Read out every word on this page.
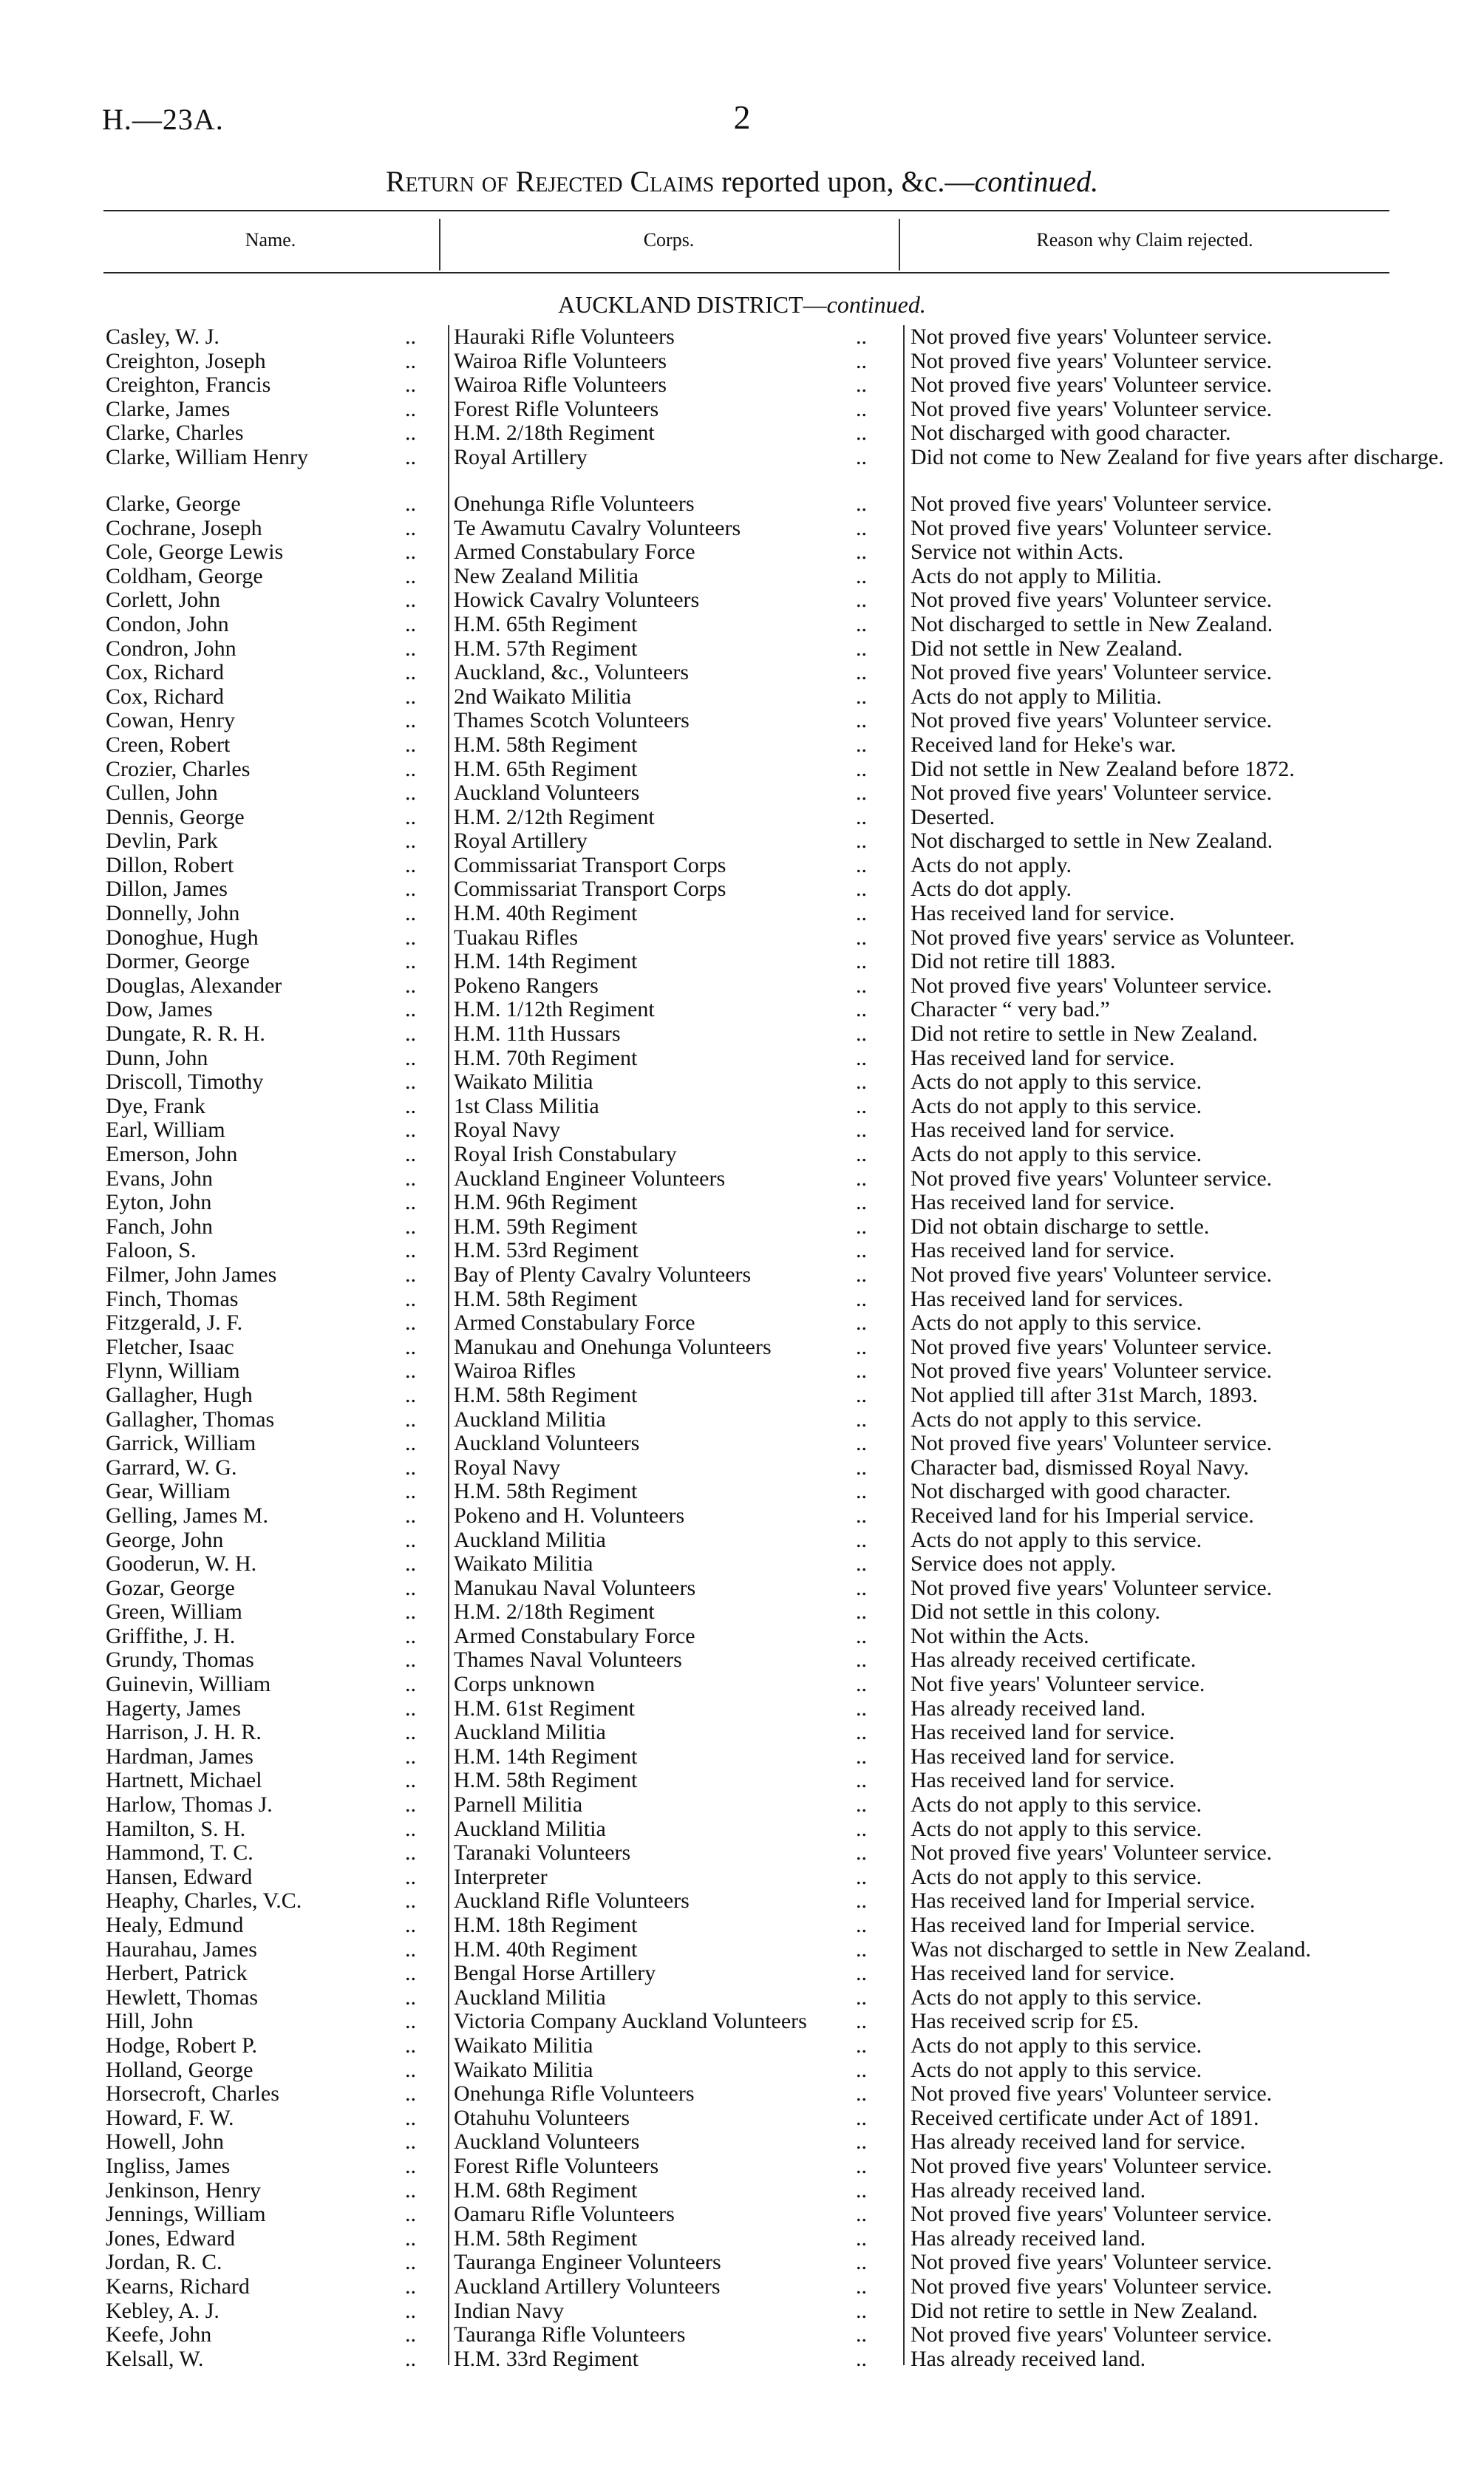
H.—23A.	2
Return of Rejected Claims reported upon, &c.—continued.
Name.	Corps.	Reason why Claim rejected.
AUCKLAND DISTRICT—continued.
Casley, W. J.	..	Hauraki Rifle Volunteers	..	Not proved five years' Volunteer service.
Creighton, Joseph	..	Wairoa Rifle Volunteers	..	Not proved five years' Volunteer service.
Creighton, Francis	..	Wairoa Rifle Volunteers	..	Not proved five years' Volunteer service.
Clarke, James	..	Forest Rifle Volunteers	..	Not proved five years' Volunteer service.
Clarke, Charles	..	H.M. 2/18th Regiment	..	Not discharged with good character.
Clarke, William Henry	..	Royal Artillery	..	Did not come to New Zealand for five years after discharge.
Clarke, George	..	Onehunga Rifle Volunteers	..	Not proved five years' Volunteer service.
Cochrane, Joseph	..	Te Awamutu Cavalry Volunteers	..	Not proved five years' Volunteer service.
Cole, George Lewis	..	Armed Constabulary Force	..	Service not within Acts.
Coldham, George	..	New Zealand Militia	..	Acts do not apply to Militia.
Corlett, John	..	Howick Cavalry Volunteers	..	Not proved five years' Volunteer service.
Condon, John	..	H.M. 65th Regiment	..	Not discharged to settle in New Zealand.
Condron, John	..	H.M. 57th Regiment	..	Did not settle in New Zealand.
Cox, Richard	..	Auckland, &c., Volunteers	..	Not proved five years' Volunteer service.
Cox, Richard	..	2nd Waikato Militia	..	Acts do not apply to Militia.
Cowan, Henry	..	Thames Scotch Volunteers	..	Not proved five years' Volunteer service.
Creen, Robert	..	H.M. 58th Regiment	..	Received land for Heke's war.
Crozier, Charles	..	H.M. 65th Regiment	..	Did not settle in New Zealand before 1872.
Cullen, John	..	Auckland Volunteers	..	Not proved five years' Volunteer service.
Dennis, George	..	H.M. 2/12th Regiment	..	Deserted.
Devlin, Park	..	Royal Artillery	..	Not discharged to settle in New Zealand.
Dillon, Robert	..	Commissariat Transport Corps	..	Acts do not apply.
Dillon, James	..	Commissariat Transport Corps	..	Acts do dot apply.
Donnelly, John	..	H.M. 40th Regiment	..	Has received land for service.
Donoghue, Hugh	..	Tuakau Rifles	..	Not proved five years' service as Volunteer.
Dormer, George	..	H.M. 14th Regiment	..	Did not retire till 1883.
Douglas, Alexander	..	Pokeno Rangers	..	Not proved five years' Volunteer service.
Dow, James	..	H.M. 1/12th Regiment	..	Character “ very bad.”
Dungate, R. R. H.	..	H.M. 11th Hussars	..	Did not retire to settle in New Zealand.
Dunn, John	..	H.M. 70th Regiment	..	Has received land for service.
Driscoll, Timothy	..	Waikato Militia	..	Acts do not apply to this service.
Dye, Frank	..	1st Class Militia	..	Acts do not apply to this service.
Earl, William	..	Royal Navy	..	Has received land for service.
Emerson, John	..	Royal Irish Constabulary	..	Acts do not apply to this service.
Evans, John	..	Auckland Engineer Volunteers	..	Not proved five years' Volunteer service.
Eyton, John	..	H.M. 96th Regiment	..	Has received land for service.
Fanch, John	..	H.M. 59th Regiment	..	Did not obtain discharge to settle.
Faloon, S.	..	H.M. 53rd Regiment	..	Has received land for service.
Filmer, John James	..	Bay of Plenty Cavalry Volunteers	..	Not proved five years' Volunteer service.
Finch, Thomas	..	H.M. 58th Regiment	..	Has received land for services.
Fitzgerald, J. F.	..	Armed Constabulary Force	..	Acts do not apply to this service.
Fletcher, Isaac	..	Manukau and Onehunga Volunteers	..	Not proved five years' Volunteer service.
Flynn, William	..	Wairoa Rifles	..	Not proved five years' Volunteer service.
Gallagher, Hugh	..	H.M. 58th Regiment	..	Not applied till after 31st March, 1893.
Gallagher, Thomas	..	Auckland Militia	..	Acts do not apply to this service.
Garrick, William	..	Auckland Volunteers	..	Not proved five years' Volunteer service.
Garrard, W. G.	..	Royal Navy	..	Character bad, dismissed Royal Navy.
Gear, William	..	H.M. 58th Regiment	..	Not discharged with good character.
Gelling, James M.	..	Pokeno and H. Volunteers	..	Received land for his Imperial service.
George, John	..	Auckland Militia	..	Acts do not apply to this service.
Gooderun, W. H.	..	Waikato Militia	..	Service does not apply.
Gozar, George	..	Manukau Naval Volunteers	..	Not proved five years' Volunteer service.
Green, William	..	H.M. 2/18th Regiment	..	Did not settle in this colony.
Griffithe, J. H.	..	Armed Constabulary Force	..	Not within the Acts.
Grundy, Thomas	..	Thames Naval Volunteers	..	Has already received certificate.
Guinevin, William	..	Corps unknown	..	Not five years' Volunteer service.
Hagerty, James	..	H.M. 61st Regiment	..	Has already received land.
Harrison, J. H. R.	..	Auckland Militia	..	Has received land for service.
Hardman, James	..	H.M. 14th Regiment	..	Has received land for service.
Hartnett, Michael	..	H.M. 58th Regiment	..	Has received land for service.
Harlow, Thomas J.	..	Parnell Militia	..	Acts do not apply to this service.
Hamilton, S. H.	..	Auckland Militia	..	Acts do not apply to this service.
Hammond, T. C.	..	Taranaki Volunteers	..	Not proved five years' Volunteer service.
Hansen, Edward	..	Interpreter	..	Acts do not apply to this service.
Heaphy, Charles, V.C.	..	Auckland Rifle Volunteers	..	Has received land for Imperial service.
Healy, Edmund	..	H.M. 18th Regiment	..	Has received land for Imperial service.
Haurahau, James	..	H.M. 40th Regiment	..	Was not discharged to settle in New Zealand.
Herbert, Patrick	..	Bengal Horse Artillery	..	Has received land for service.
Hewlett, Thomas	..	Auckland Militia	..	Acts do not apply to this service.
Hill, John	..	Victoria Company Auckland Volunteers	..	Has received scrip for £5.
Hodge, Robert P.	..	Waikato Militia	..	Acts do not apply to this service.
Holland, George	..	Waikato Militia	..	Acts do not apply to this service.
Horsecroft, Charles	..	Onehunga Rifle Volunteers	..	Not proved five years' Volunteer service.
Howard, F. W.	..	Otahuhu Volunteers	..	Received certificate under Act of 1891.
Howell, John	..	Auckland Volunteers	..	Has already received land for service.
Ingliss, James	..	Forest Rifle Volunteers	..	Not proved five years' Volunteer service.
Jenkinson, Henry	..	H.M. 68th Regiment	..	Has already received land.
Jennings, William	..	Oamaru Rifle Volunteers	..	Not proved five years' Volunteer service.
Jones, Edward	..	H.M. 58th Regiment	..	Has already received land.
Jordan, R. C.	..	Tauranga Engineer Volunteers	..	Not proved five years' Volunteer service.
Kearns, Richard	..	Auckland Artillery Volunteers	..	Not proved five years' Volunteer service.
Kebley, A. J.	..	Indian Navy	..	Did not retire to settle in New Zealand.
Keefe, John	..	Tauranga Rifle Volunteers	..	Not proved five years' Volunteer service.
Kelsall, W.	..	H.M. 33rd Regiment	..	Has already received land.
